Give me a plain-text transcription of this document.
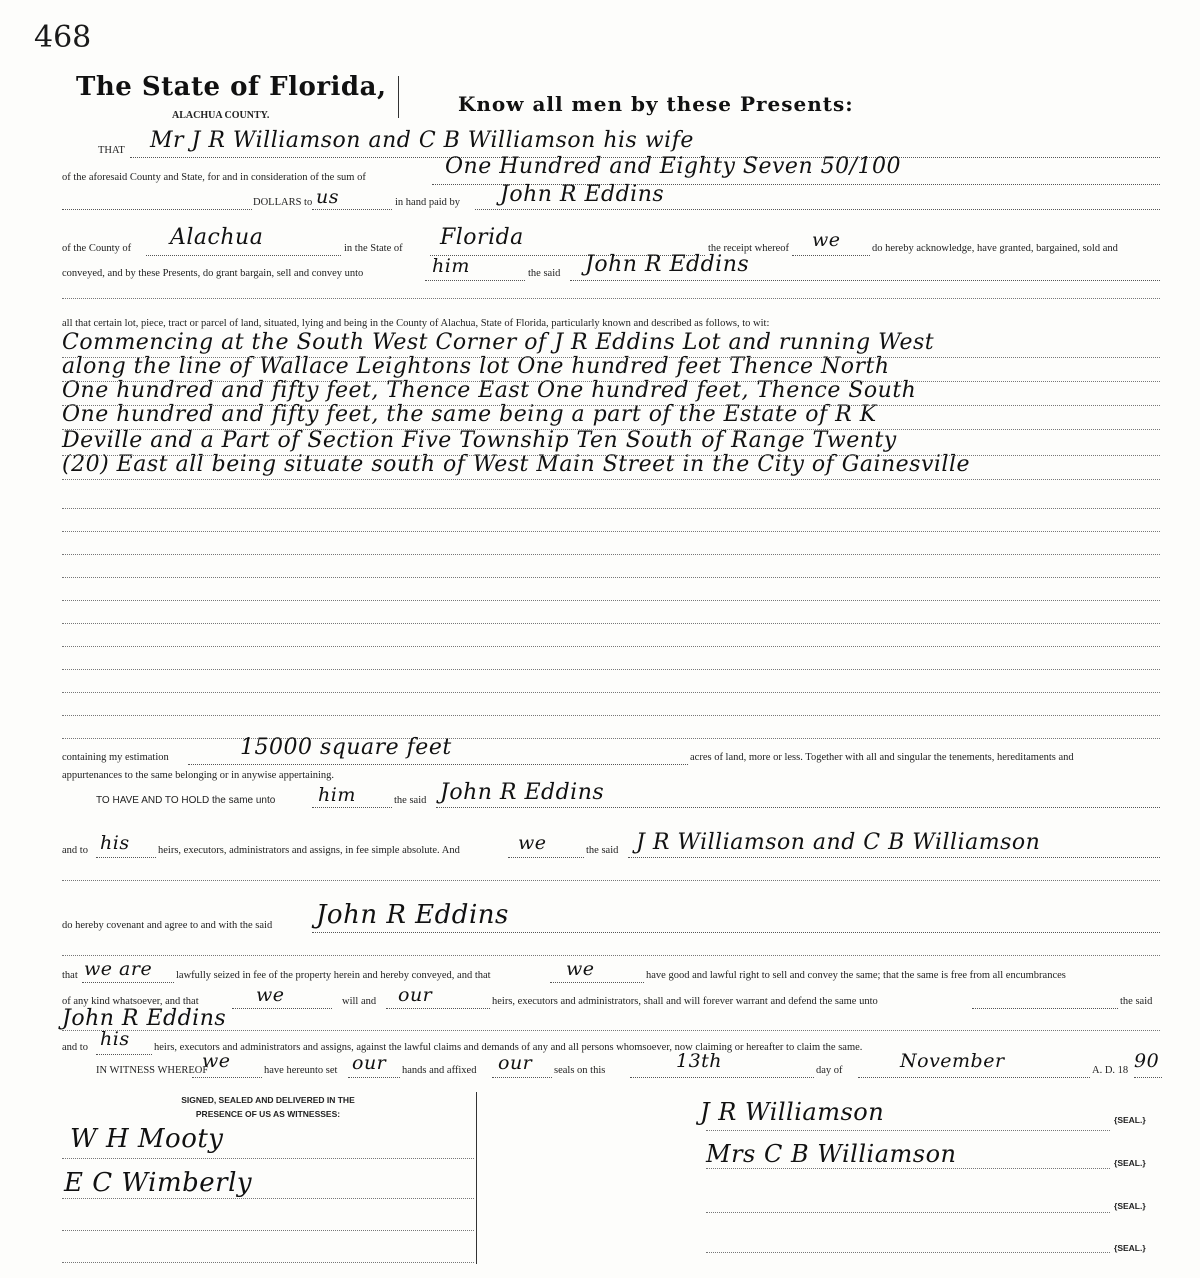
468
The State of Florida,
ALACHUA COUNTY.	Know all men by these Presents:
THAT Mr J R Williamson and C B Williamson his wife
of the aforesaid County and State, for and in consideration of the sum of	One Hundred and Eighty Seven 50/100
DOLLARS to us	in hand paid by John R Eddins
of the County of Alachua	in the State of Florida	the receipt whereof we	do hereby acknowledge, have granted, bargained, sold and
conveyed, and by these Presents, do grant bargain, sell and convey unto	him	the said John R Eddins
all that certain lot, piece, tract or parcel of land, situated, lying and being in the County of Alachua, State of Florida, particularly known and described as follows, to wit:
Commencing at the South West Corner of J R Eddins Lot and running West
along the line of Wallace Leightons lot One hundred feet Thence North
One hundred and fifty feet, Thence East One hundred feet, Thence South
One hundred and fifty feet, the same being a part of the Estate of R K
Deville and a Part of Section Five Township Ten South of Range Twenty
(20) East all being situate south of West Main Street in the City of Gainesville
containing my estimation	15000 square feet	acres of land, more or less. Together with all and singular the tenements, hereditaments and
appurtenances to the same belonging or in anywise appertaining.
TO HAVE AND TO HOLD the same unto him	the said John R Eddins
and to his	heirs, executors, administrators and assigns, in fee simple absolute. And	we	the said J R Williamson and C B Williamson
do hereby covenant and agree to and with the said John R Eddins
that we are lawfully seized in fee of the property herein and hereby conveyed, and that	we	have good and lawful right to sell and convey the same; that the same is free from all encumbrances
of any kind whatsoever, and that	we	will and our	heirs, executors and administrators, shall and will forever warrant and defend the same unto	the said
John R Eddins
and to his heirs, executors and administrators and assigns, against the lawful claims and demands of any and all persons whomsoever, now claiming or hereafter to claim the same.
IN WITNESS WHEREOF
we	have hereunto set our hands and affixed our seals on this	13th	day of	November	A. D. 18 90
SIGNED, SEALED AND DELIVERED IN THE
PRESENCE OF US AS WITNESSES:
W H Mooty
E C Wimberly
J R Williamson
Mrs C B Williamson
{SEAL.}
{SEAL.}
{SEAL.}
{SEAL.}
